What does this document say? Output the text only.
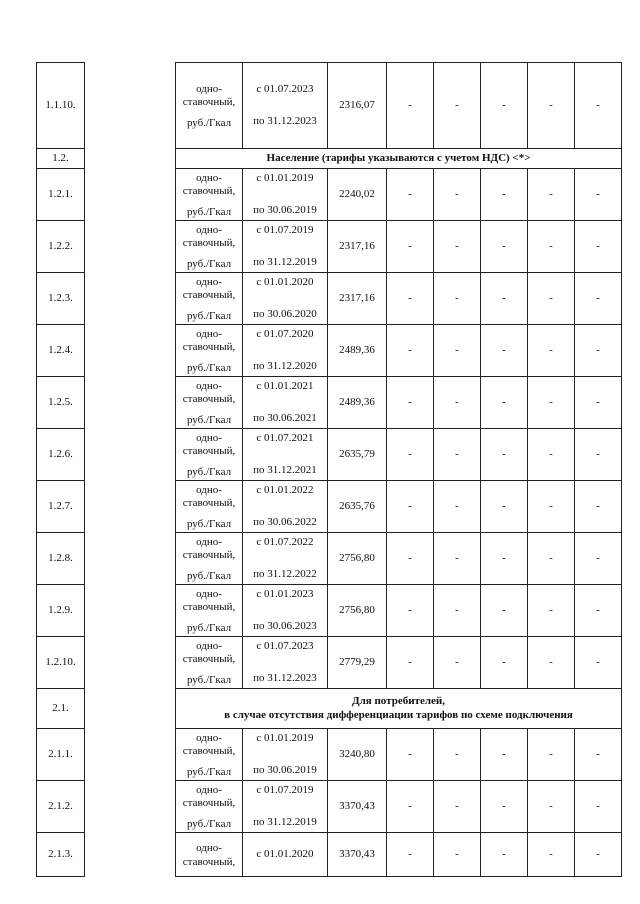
1.1.10.		одно-
ставочный,
руб./Гкал	с 01.07.2023
по 31.12.2023	2316,07	-	-	-	-	-
1.2.		Население (тарифы указываются с учетом НДС) <*>							

1.2.1.		одно-
ставочный,
руб./Гкал	с 01.01.2019
по 30.06.2019	2240,02	-	-	-	-	-
1.2.2.		одно-
ставочный,
руб./Гкал	с 01.07.2019
по 31.12.2019	2317,16	-	-	-	-	-
1.2.3.		одно-
ставочный,
руб./Гкал	с 01.01.2020
по 30.06.2020	2317,16	-	-	-	-	-
1.2.4.		одно-
ставочный,
руб./Гкал	с 01.07.2020
по 31.12.2020	2489,36	-	-	-	-	-
1.2.5.		одно-
ставочный,
руб./Гкал	с 01.01.2021
по 30.06.2021	2489,36	-	-	-	-	-
1.2.6.		одно-
ставочный,
руб./Гкал	с 01.07.2021
по 31.12.2021	2635,79	-	-	-	-	-
1.2.7.		одно-
ставочный,
руб./Гкал	с 01.01.2022
по 30.06.2022	2635,76	-	-	-	-	-
1.2.8.		одно-
ставочный,
руб./Гкал	с 01.07.2022
по 31.12.2022	2756,80	-	-	-	-	-
1.2.9.		одно-
ставочный,
руб./Гкал	с 01.01.2023
по 30.06.2023	2756,80	-	-	-	-	-
1.2.10.		одно-
ставочный,
руб./Гкал	с 01.07.2023
по 31.12.2023	2779,29	-	-	-	-	-
2.1.		Для потребителей,
в случае отсутствия дифференциации тарифов по схеме подключения							

2.1.1.		одно-
ставочный,
руб./Гкал	с 01.01.2019
по 30.06.2019	3240,80	-	-	-	-	-
2.1.2.		одно-
ставочный,
руб./Гкал	с 01.07.2019
по 31.12.2019	3370,43	-	-	-	-	-
2.1.3.		одно-
ставочный,	с 01.01.2020	3370,43	-	-	-	-	-
